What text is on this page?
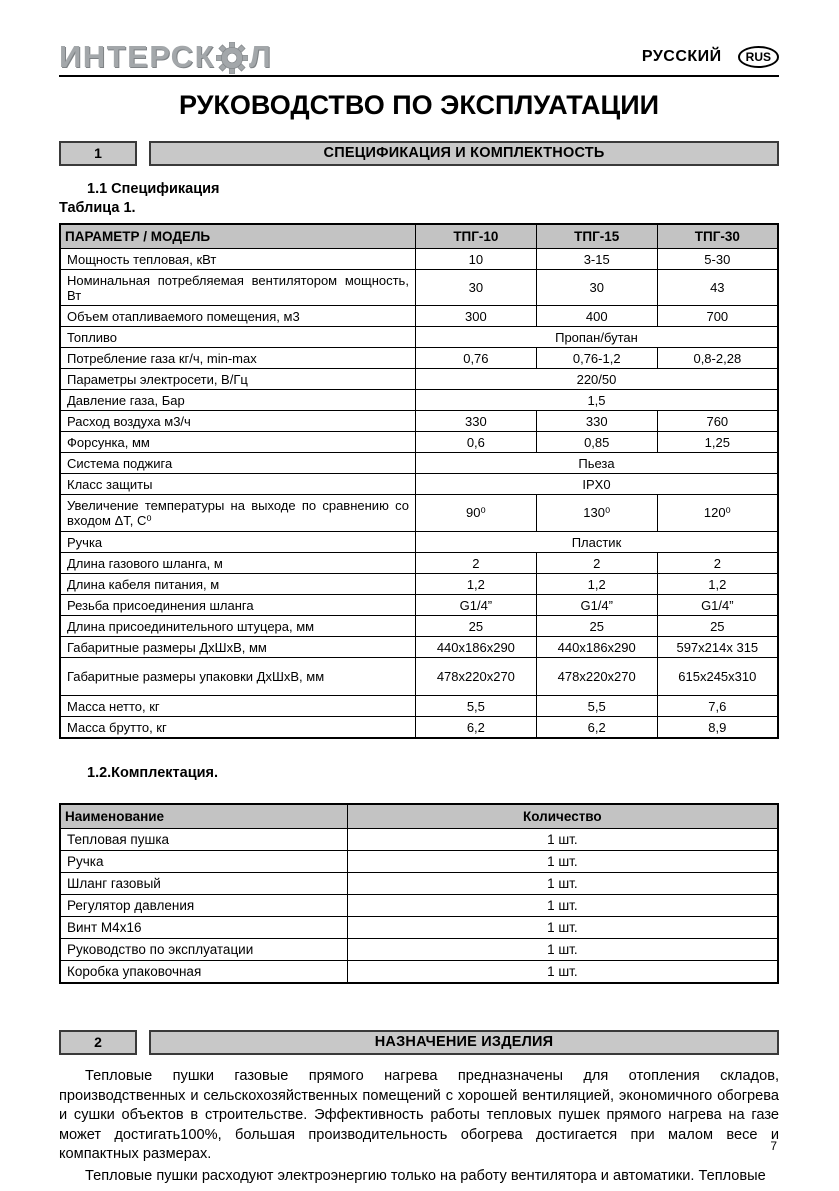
ИНТЕРСК Л	РУССКИЙ	RUS
РУКОВОДСТВО ПО ЭКСПЛУАТАЦИИ
1	СПЕЦИФИКАЦИЯ И КОМПЛЕКТНОСТЬ

1.1 Спецификация

Таблица 1.

ПАРАМЕТР / МОДЕЛЬ	ТПГ-10	ТПГ-15	ТПГ-30
Мощность тепловая, кВт	10	3-15	5-30
Номинальная потребляемая вентилятором мощность, Вт	30	30	43
Объем отапливаемого помещения, м3	300	400	700
Топливо	Пропан/бутан		
Потребление газа кг/ч, min-max	0,76	0,76-1,2	0,8-2,28
Параметры электросети, В/Гц	220/50		
Давление газа, Бар	1,5		
Расход воздуха м3/ч	330	330	760
Форсунка, мм	0,6	0,85	1,25
Система поджига	Пьеза		
Класс защиты	IPX0		
Увеличение температуры на выходе по сравнению со входом ΔТ, С⁰	90⁰	130⁰	120⁰
Ручка	Пластик		
Длина газового шланга, м	2	2	2
Длина кабеля питания, м	1,2	1,2	1,2
Резьба присоединения шланга	G1/4”	G1/4”	G1/4”
Длина присоединительного штуцера, мм	25	25	25
Габаритные размеры ДхШхВ, мм	440х186х290	440х186х290	597х214х 315
Габаритные размеры упаковки ДхШхВ, мм	478х220х270	478х220х270	615х245х310
Масса нетто, кг	5,5	5,5	7,6
Масса брутто, кг	6,2	6,2	8,9

1.2.Комплектация.

Наименование	Количество
Тепловая пушка	1 шт.
Ручка	1 шт.
Шланг газовый	1 шт.
Регулятор давления	1 шт.
Винт М4х16	1 шт.
Руководство по эксплуатации	1 шт.
Коробка упаковочная	1 шт.
2	НАЗНАЧЕНИЕ ИЗДЕЛИЯ

Тепловые пушки газовые прямого нагрева предназначены для отопления складов, производственных и сельскохозяйственных помещений с хорошей вентиляцией, экономичного обогрева и сушки объектов в строительстве. Эффективность работы тепловых пушек прямого нагрева на газе может достигать100%, большая производительность обогрева достигается при малом весе и компактных размерах.

Тепловые пушки расходуют электроэнергию только на работу вентилятора и автоматики. Тепловые

7
